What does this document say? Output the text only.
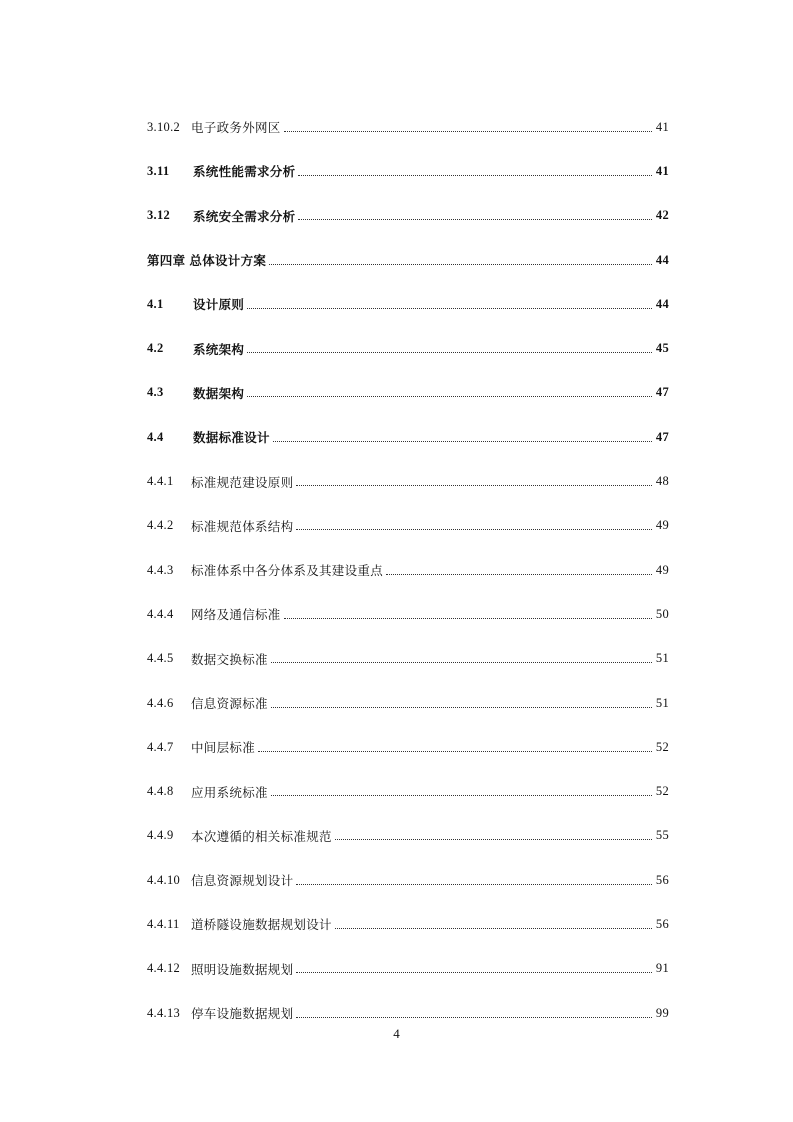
3.10.2 电子政务外网区	41
3.11	系统性能需求分析	41
3.12	系统安全需求分析	42
第四章 总体设计方案	44
4.1	设计原则	44
4.2	系统架构	45
4.3	数据架构	47
4.4	数据标准设计	47
4.4.1	标准规范建设原则	48
4.4.2	标准规范体系结构	49
4.4.3	标准体系中各分体系及其建设重点	49
4.4.4	网络及通信标准	50
4.4.5	数据交换标准	51
4.4.6	信息资源标准	51
4.4.7	中间层标准	52
4.4.8	应用系统标准	52
4.4.9	本次遵循的相关标准规范	55
4.4.10 信息资源规划设计	56
4.4.11 道桥隧设施数据规划设计	56
4.4.12 照明设施数据规划	91
4.4.13 停车设施数据规划	99
4
